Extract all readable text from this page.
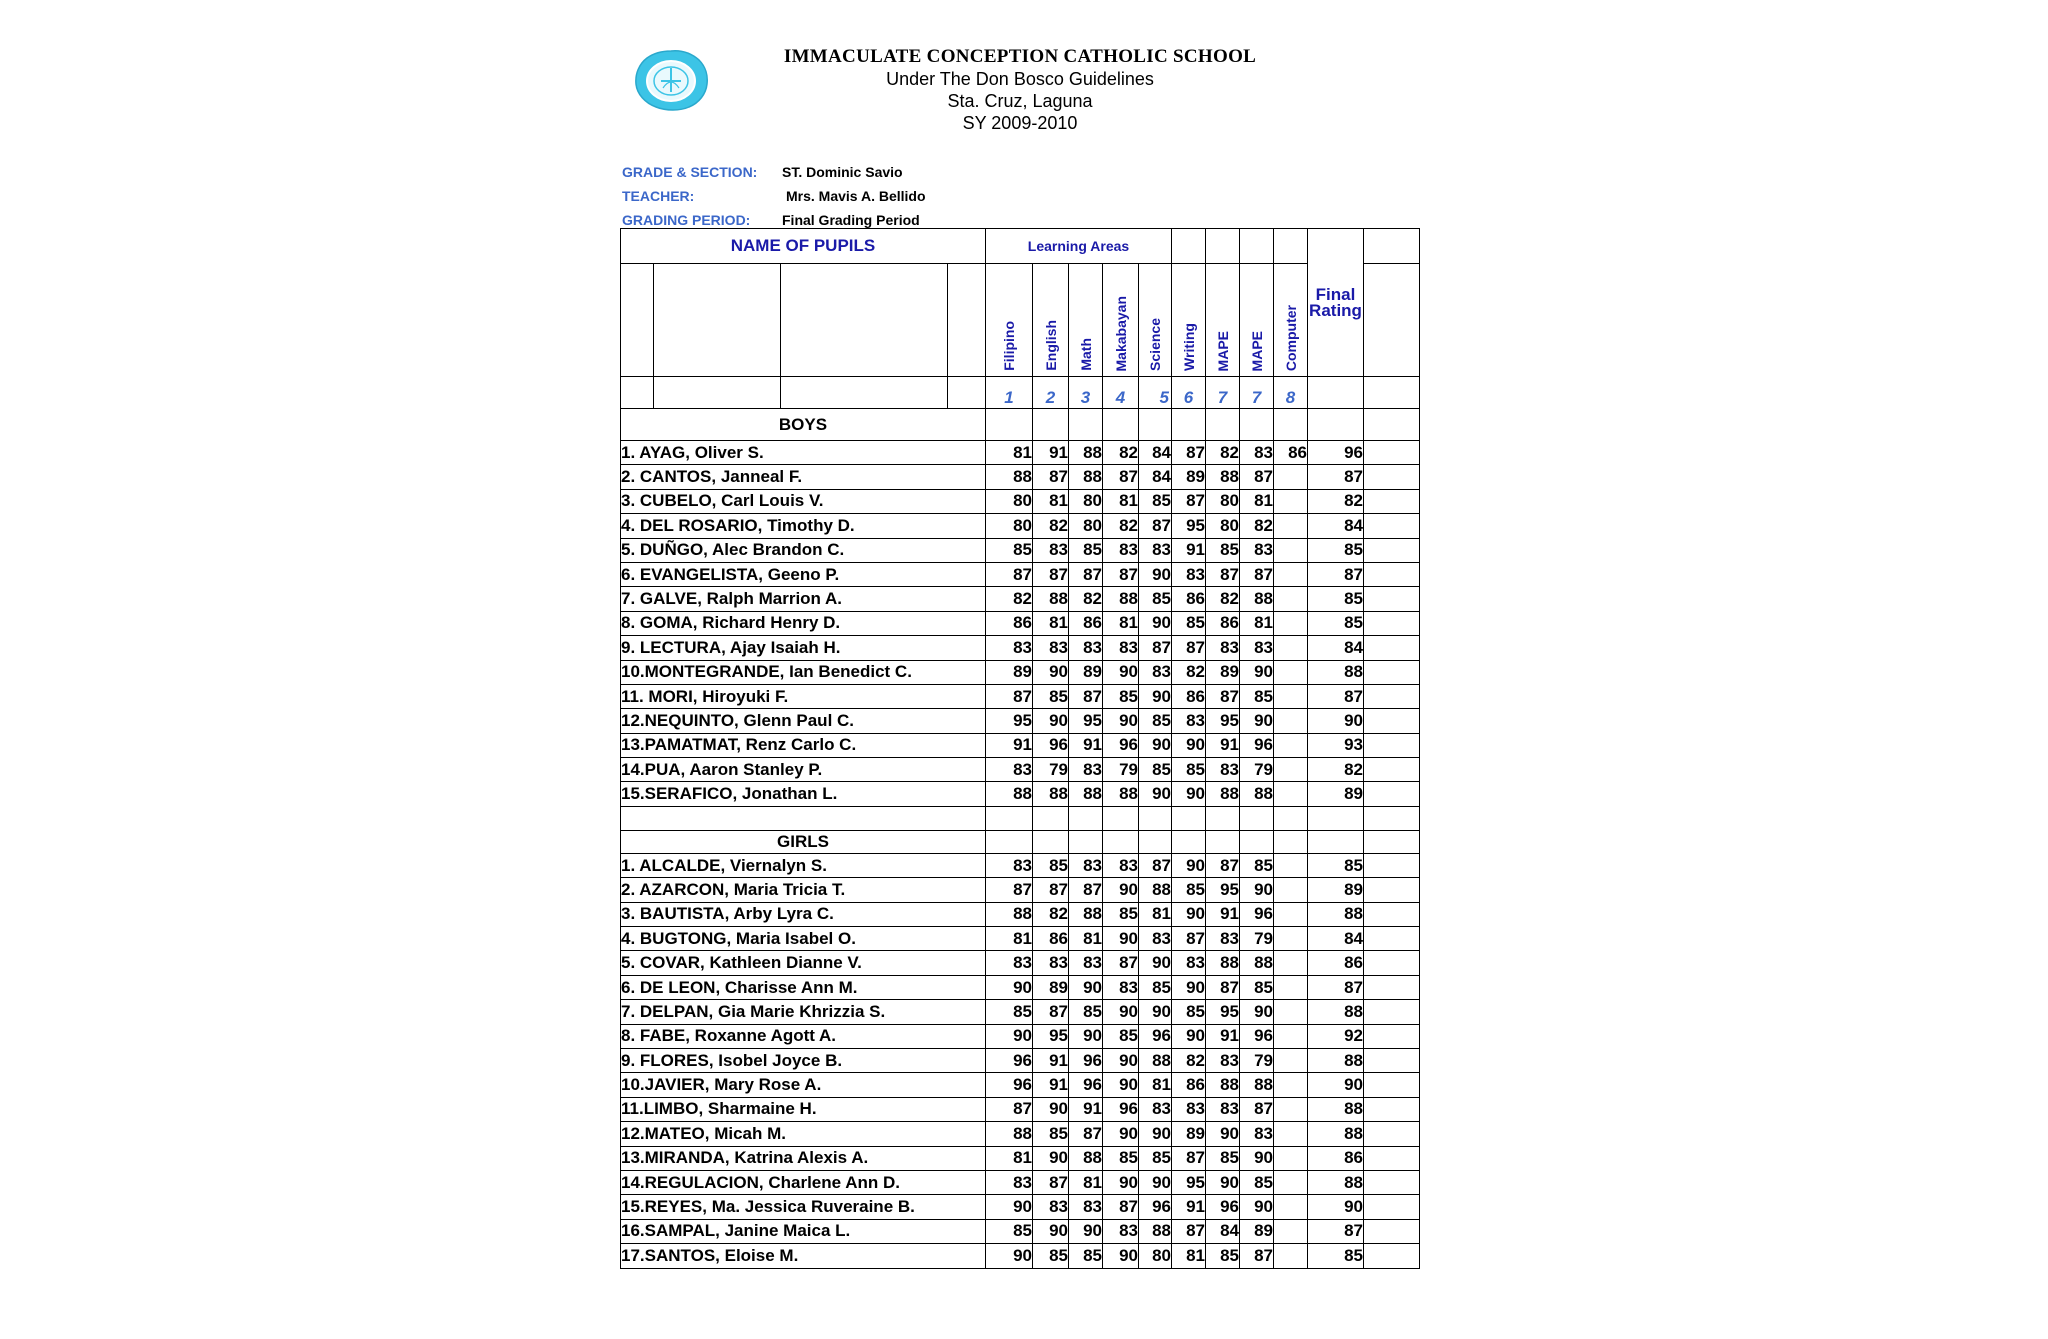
IMMACULATE CONCEPTION CATHOLIC SCHOOL
Under The Don Bosco Guidelines
Sta. Cruz, Laguna
SY 2009-2010
GRADE & SECTION: ST. Dominic Savio
TEACHER:	Mrs. Mavis A. Bellido
GRADING PERIOD: Final Grading Period
NAME OF PUPILS				Learning Areas									Final
Rating	
				Filipino	English	Math	Makabayan	Science	Writing	MAPE	MAPE	Computer		
				1	2	3	4	5	6	7	7	8		
BOYS														
1. AYAG, Oliver S.				81	91	88	82	84	87	82	83	86	96	
2. CANTOS, Janneal F.				88	87	88	87	84	89	88	87		87	
3. CUBELO, Carl Louis V.				80	81	80	81	85	87	80	81		82	
4. DEL ROSARIO, Timothy D.				80	82	80	82	87	95	80	82		84	
5. DUÑGO, Alec Brandon C.				85	83	85	83	83	91	85	83		85	
6. EVANGELISTA, Geeno P.				87	87	87	87	90	83	87	87		87	
7. GALVE, Ralph Marrion A.				82	88	82	88	85	86	82	88		85	
8. GOMA, Richard Henry D.				86	81	86	81	90	85	86	81		85	
9. LECTURA, Ajay Isaiah H.				83	83	83	83	87	87	83	83		84	
10.MONTEGRANDE, Ian Benedict C.				89	90	89	90	83	82	89	90		88	
11. MORI, Hiroyuki F.				87	85	87	85	90	86	87	85		87	
12.NEQUINTO, Glenn Paul C.				95	90	95	90	85	83	95	90		90	
13.PAMATMAT, Renz Carlo C.				91	96	91	96	90	90	91	96		93	
14.PUA, Aaron Stanley P.				83	79	83	79	85	85	83	79		82	
15.SERAFICO, Jonathan L.				88	88	88	88	90	90	88	88		89	

GIRLS														
1. ALCALDE, Viernalyn S.				83	85	83	83	87	90	87	85		85	
2. AZARCON, Maria Tricia T.				87	87	87	90	88	85	95	90		89	
3. BAUTISTA, Arby Lyra C.				88	82	88	85	81	90	91	96		88	
4. BUGTONG, Maria Isabel O.				81	86	81	90	83	87	83	79		84	
5. COVAR, Kathleen Dianne V.				83	83	83	87	90	83	88	88		86	
6. DE LEON, Charisse Ann M.				90	89	90	83	85	90	87	85		87	
7. DELPAN, Gia Marie Khrizzia S.				85	87	85	90	90	85	95	90		88	
8. FABE, Roxanne Agott A.				90	95	90	85	96	90	91	96		92	
9. FLORES, Isobel Joyce B.				96	91	96	90	88	82	83	79		88	
10.JAVIER, Mary Rose A.				96	91	96	90	81	86	88	88		90	
11.LIMBO, Sharmaine H.				87	90	91	96	83	83	83	87		88	
12.MATEO, Micah M.				88	85	87	90	90	89	90	83		88	
13.MIRANDA, Katrina Alexis A.				81	90	88	85	85	87	85	90		86	
14.REGULACION, Charlene Ann D.				83	87	81	90	90	95	90	85		88	
15.REYES, Ma. Jessica Ruveraine B.				90	83	83	87	96	91	96	90		90	
16.SAMPAL, Janine Maica L.				85	90	90	83	88	87	84	89		87	
17.SANTOS, Eloise M.				90	85	85	90	80	81	85	87		85	
